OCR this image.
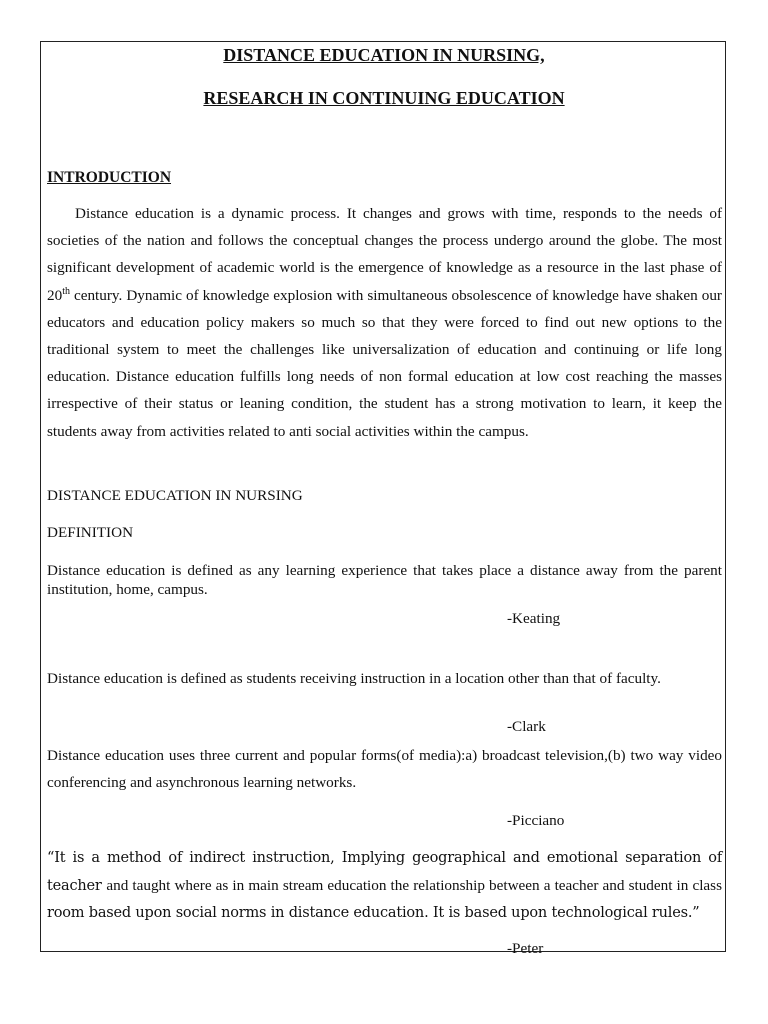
DISTANCE EDUCATION IN NURSING,

RESEARCH IN CONTINUING EDUCATION

INTRODUCTION

Distance education is a dynamic process. It changes and grows with time, responds to the needs of societies of the nation and follows the conceptual changes the process undergo around the globe. The most significant development of academic world is the emergence of knowledge as a resource in the last phase of 20th century. Dynamic of knowledge explosion with simultaneous obsolescence of knowledge have shaken our educators and education policy makers so much so that they were forced to find out new options to the traditional system to meet the challenges like universalization of education and continuing or life long education. Distance education fulfills long needs of non formal education at low cost reaching the masses irrespective of their status or leaning condition, the student has a strong motivation to learn, it keep the students away from activities related to anti social activities within the campus.

DISTANCE EDUCATION IN NURSING

DEFINITION

Distance education is defined as any learning experience that takes place a distance away from the parent institution, home, campus.

-Keating

Distance education is defined as students receiving instruction in a location other than that of faculty.

-Clark

Distance education uses three current and popular forms(of media):a) broadcast television,(b) two way video conferencing and asynchronous learning networks.

-Picciano

“It is a method of indirect instruction, Implying geographical and emotional separation of teacher and taught where as in main stream education the relationship between a teacher and student in class room based upon social norms in distance education. It is based upon technological rules.”

-Peter
